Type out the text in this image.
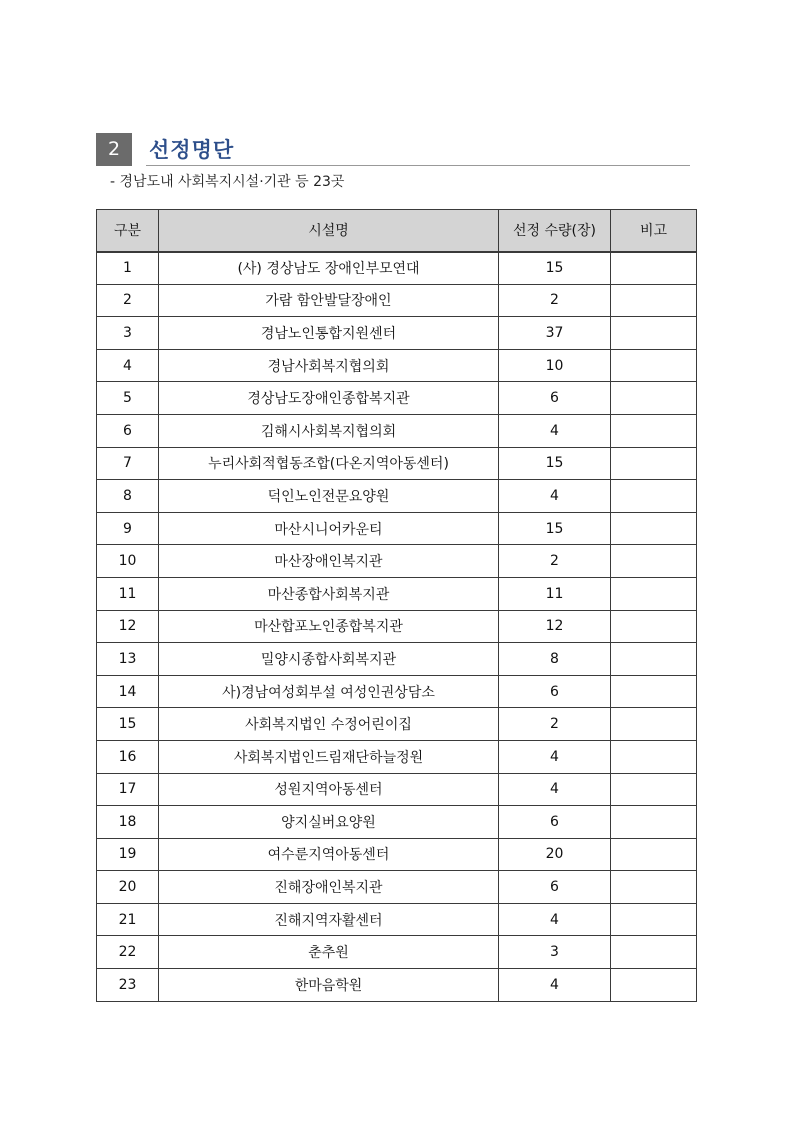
2	선정명단
- 경남도내 사회복지시설·기관 등 23곳
구분	시설명	선정 수량(장)	비고
1	(사) 경상남도 장애인부모연대	15	
2	가람 함안발달장애인	2	
3	경남노인통합지원센터	37	
4	경남사회복지협의회	10	
5	경상남도장애인종합복지관	6	
6	김해시사회복지협의회	4	
7	누리사회적협동조합(다온지역아동센터)	15	
8	덕인노인전문요양원	4	
9	마산시니어카운티	15	
10	마산장애인복지관	2	
11	마산종합사회복지관	11	
12	마산합포노인종합복지관	12	
13	밀양시종합사회복지관	8	
14	사)경남여성회부설 여성인권상담소	6	
15	사회복지법인 수정어린이집	2	
16	사회복지법인드림재단하늘정원	4	
17	성원지역아동센터	4	
18	양지실버요양원	6	
19	여수룬지역아동센터	20	
20	진해장애인복지관	6	
21	진해지역자활센터	4	
22	춘추원	3	
23	한마음학원	4	
